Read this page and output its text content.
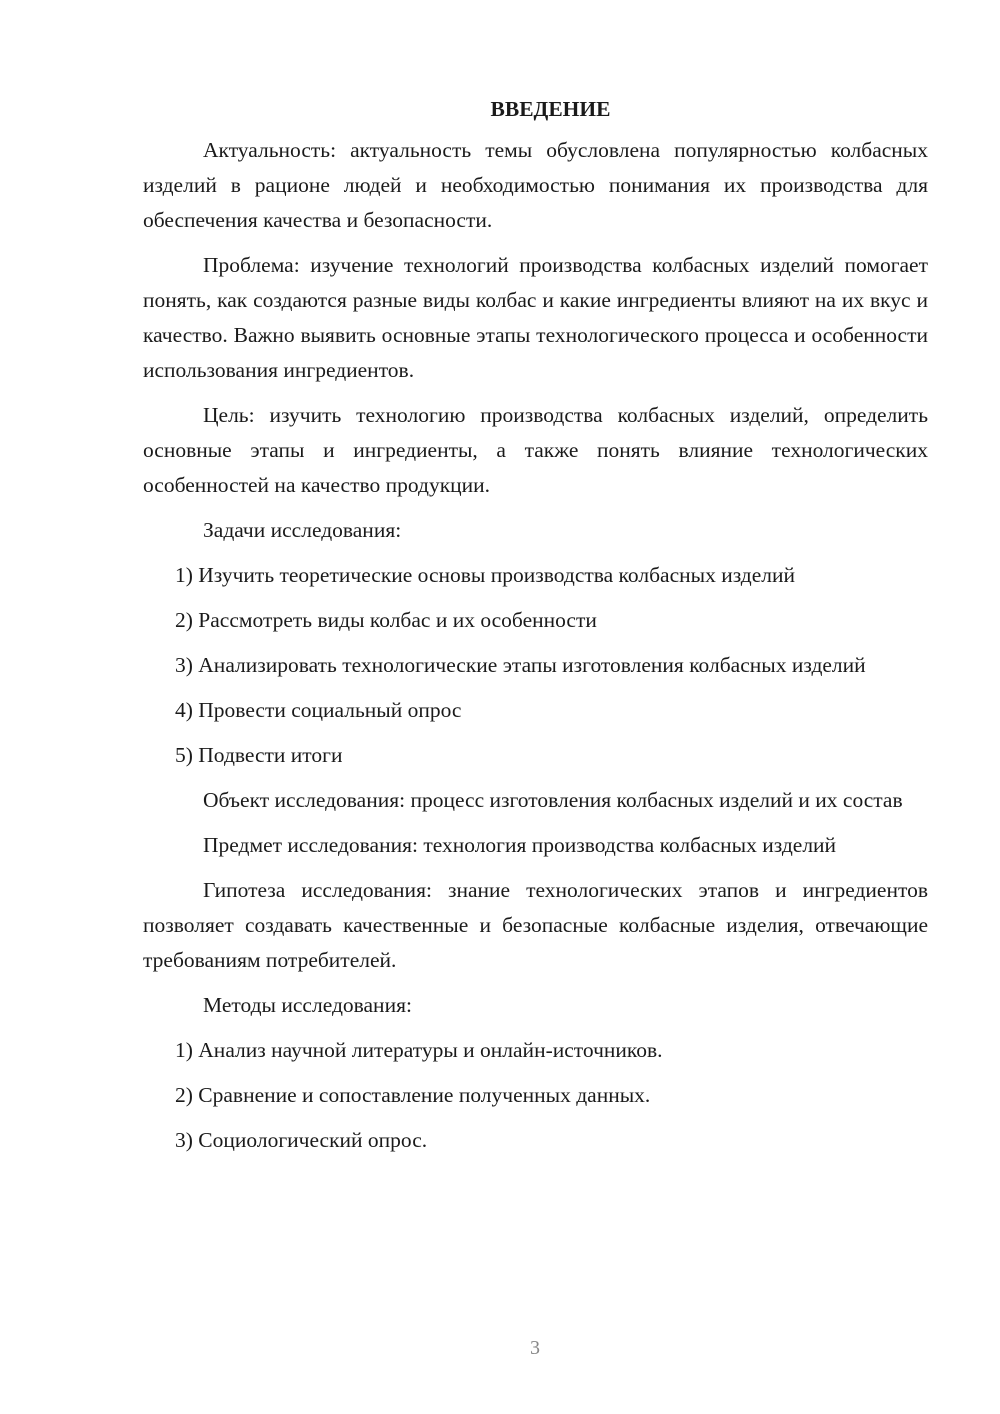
ВВЕДЕНИЕ

Актуальность: актуальность темы обусловлена популярностью колбасных изделий в рационе людей и необходимостью понимания их производства для обеспечения качества и безопасности.

Проблема: изучение технологий производства колбасных изделий помогает понять, как создаются разные виды колбас и какие ингредиенты влияют на их вкус и качество. Важно выявить основные этапы технологического процесса и особенности использования ингредиентов.

Цель: изучить технологию производства колбасных изделий, определить основные этапы и ингредиенты, а также понять влияние технологических особенностей на качество продукции.

Задачи исследования:

1) Изучить теоретические основы производства колбасных изделий

2) Рассмотреть виды колбас и их особенности

3) Анализировать технологические этапы изготовления колбасных изделий

4) Провести социальный опрос

5) Подвести итоги

Объект исследования: процесс изготовления колбасных изделий и их состав

Предмет исследования: технология производства колбасных изделий

Гипотеза исследования: знание технологических этапов и ингредиентов позволяет создавать качественные и безопасные колбасные изделия, отвечающие требованиям потребителей.

Методы исследования:

1) Анализ научной литературы и онлайн-источников.

2) Сравнение и сопоставление полученных данных.

3) Социологический опрос.

3
